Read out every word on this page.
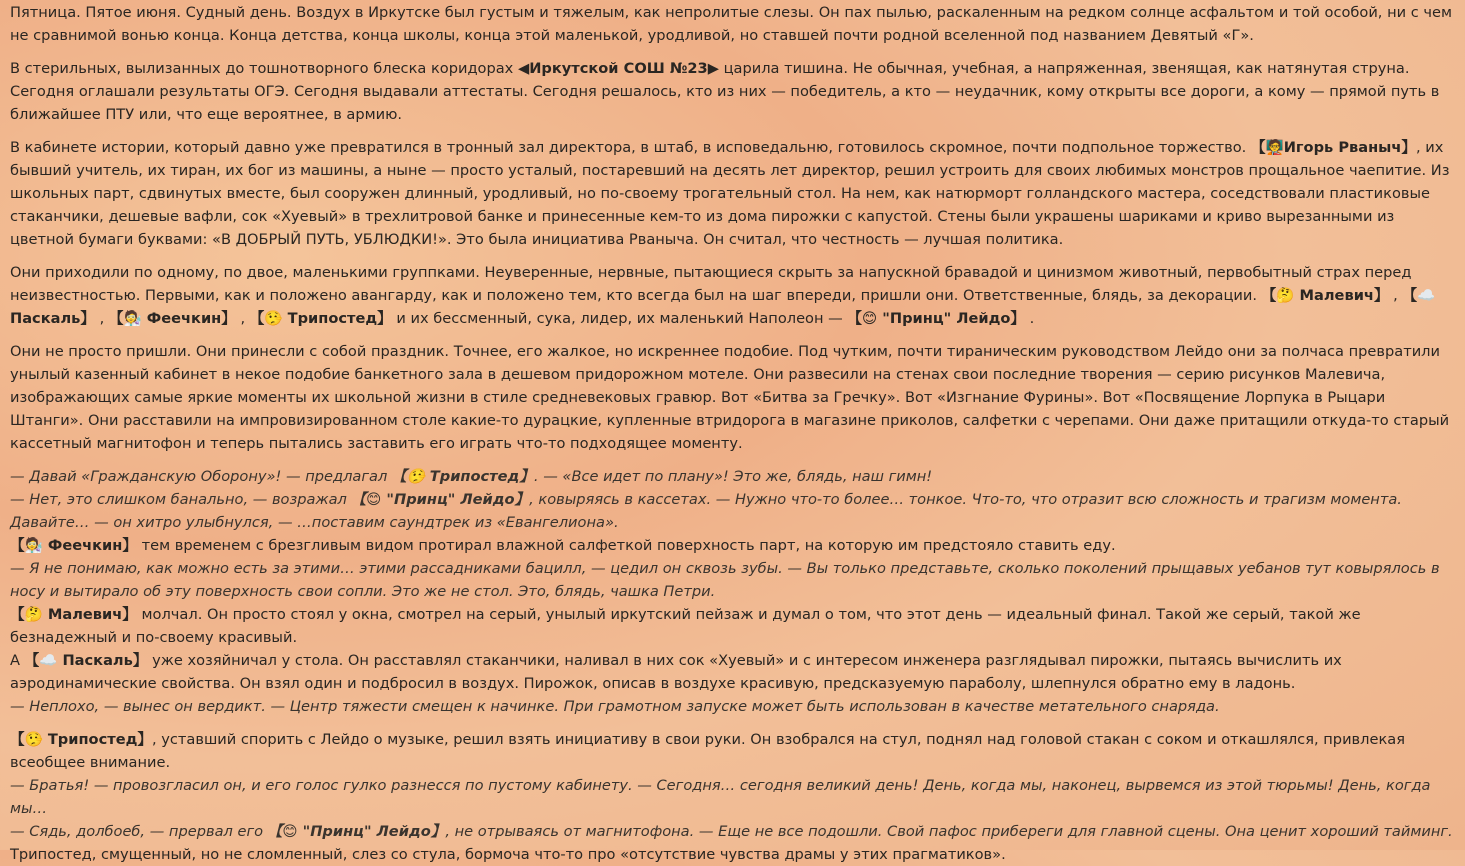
Пятница. Пятое июня. Судный день. Воздух в Иркутске был густым и тяжелым, как непролитые слезы. Он пах пылью, раскаленным на редком солнце асфальтом и той особой, ни с чем не сравнимой вонью конца. Конца детства, конца школы, конца этой маленькой, уродливой, но ставшей почти родной вселенной под названием Девятый «Г».

В стерильных, вылизанных до тошнотворного блеска коридорах ◀Иркутской СОШ №23▶ царила тишина. Не обычная, учебная, а напряженная, звенящая, как натянутая струна. Сегодня оглашали результаты ОГЭ. Сегодня выдавали аттестаты. Сегодня решалось, кто из них — победитель, а кто — неудачник, кому открыты все дороги, а кому — прямой путь в ближайшее ПТУ или, что еще вероятнее, в армию.

В кабинете истории, который давно уже превратился в тронный зал директора, в штаб, в исповедальню, готовилось скромное, почти подпольное торжество. 【🧑‍🏫Игорь Рваныч】, их бывший учитель, их тиран, их бог из машины, а ныне — просто усталый, постаревший на десять лет директор, решил устроить для своих любимых монстров прощальное чаепитие. Из школьных парт, сдвинутых вместе, был сооружен длинный, уродливый, но по-своему трогательный стол. На нем, как натюрморт голландского мастера, соседствовали пластиковые стаканчики, дешевые вафли, сок «Хуевый» в трехлитровой банке и принесенные кем-то из дома пирожки с капустой. Стены были украшены шариками и криво вырезанными из цветной бумаги буквами: «В ДОБРЫЙ ПУТЬ, УБЛЮДКИ!». Это была инициатива Рваныча. Он считал, что честность — лучшая политика.

Они приходили по одному, по двое, маленькими группками. Неуверенные, нервные, пытающиеся скрыть за напускной бравадой и цинизмом животный, первобытный страх перед неизвестностью. Первыми, как и положено авангарду, как и положено тем, кто всегда был на шаг впереди, пришли они. Ответственные, блядь, за декорации. 【🤔 Малевич】 , 【☁️ Паскаль】 , 【🧑‍🔬 Феечкин】 , 【🤥 Трипостед】 и их бессменный, сука, лидер, их маленький Наполеон — 【😊 "Принц" Лейдо】 .

Они не просто пришли. Они принесли с собой праздник. Точнее, его жалкое, но искреннее подобие. Под чутким, почти тираническим руководством Лейдо они за полчаса превратили унылый казенный кабинет в некое подобие банкетного зала в дешевом придорожном мотеле. Они развесили на стенах свои последние творения — серию рисунков Малевича, изображающих самые яркие моменты их школьной жизни в стиле средневековых гравюр. Вот «Битва за Гречку». Вот «Изгнание Фурины». Вот «Посвящение Лорпука в Рыцари Штанги». Они расставили на импровизированном столе какие-то дурацкие, купленные втридорога в магазине приколов, салфетки с черепами. Они даже притащили откуда-то старый кассетный магнитофон и теперь пытались заставить его играть что-то подходящее моменту.

— Давай «Гражданскую Оборону»! — предлагал 【🤥 Трипостед】. — «Все идет по плану»! Это же, блядь, наш гимн!
— Нет, это слишком банально, — возражал 【😊 "Принц" Лейдо】, ковыряясь в кассетах. — Нужно что-то более… тонкое. Что-то, что отразит всю сложность и трагизм момента. Давайте… — он хитро улыбнулся, — …поставим саундтрек из «Евангелиона».
【🧑‍🔬 Феечкин】 тем временем с брезгливым видом протирал влажной салфеткой поверхность парт, на которую им предстояло ставить еду.
— Я не понимаю, как можно есть за этими… этими рассадниками бацилл, — цедил он сквозь зубы. — Вы только представьте, сколько поколений прыщавых уебанов тут ковырялось в носу и вытирало об эту поверхность свои сопли. Это же не стол. Это, блядь, чашка Петри.
【🤔 Малевич】 молчал. Он просто стоял у окна, смотрел на серый, унылый иркутский пейзаж и думал о том, что этот день — идеальный финал. Такой же серый, такой же безнадежный и по-своему красивый.
А 【☁️ Паскаль】 уже хозяйничал у стола. Он расставлял стаканчики, наливал в них сок «Хуевый» и с интересом инженера разглядывал пирожки, пытаясь вычислить их аэродинамические свойства. Он взял один и подбросил в воздух. Пирожок, описав в воздухе красивую, предсказуемую параболу, шлепнулся обратно ему в ладонь.
— Неплохо, — вынес он вердикт. — Центр тяжести смещен к начинке. При грамотном запуске может быть использован в качестве метательного снаряда.
【🤥 Трипостед】, уставший спорить с Лейдо о музыке, решил взять инициативу в свои руки. Он взобрался на стул, поднял над головой стакан с соком и откашлялся, привлекая всеобщее внимание.
— Братья! — провозгласил он, и его голос гулко разнесся по пустому кабинету. — Сегодня… сегодня великий день! День, когда мы, наконец, вырвемся из этой тюрьмы! День, когда мы…
— Сядь, долбоеб, — прервал его 【😊 "Принц" Лейдо】, не отрываясь от магнитофона. — Еще не все подошли. Свой пафос прибереги для главной сцены. Она ценит хороший тайминг.
Трипостед, смущенный, но не сломленный, слез со стула, бормоча что-то про «отсутствие чувства драмы у этих прагматиков».
